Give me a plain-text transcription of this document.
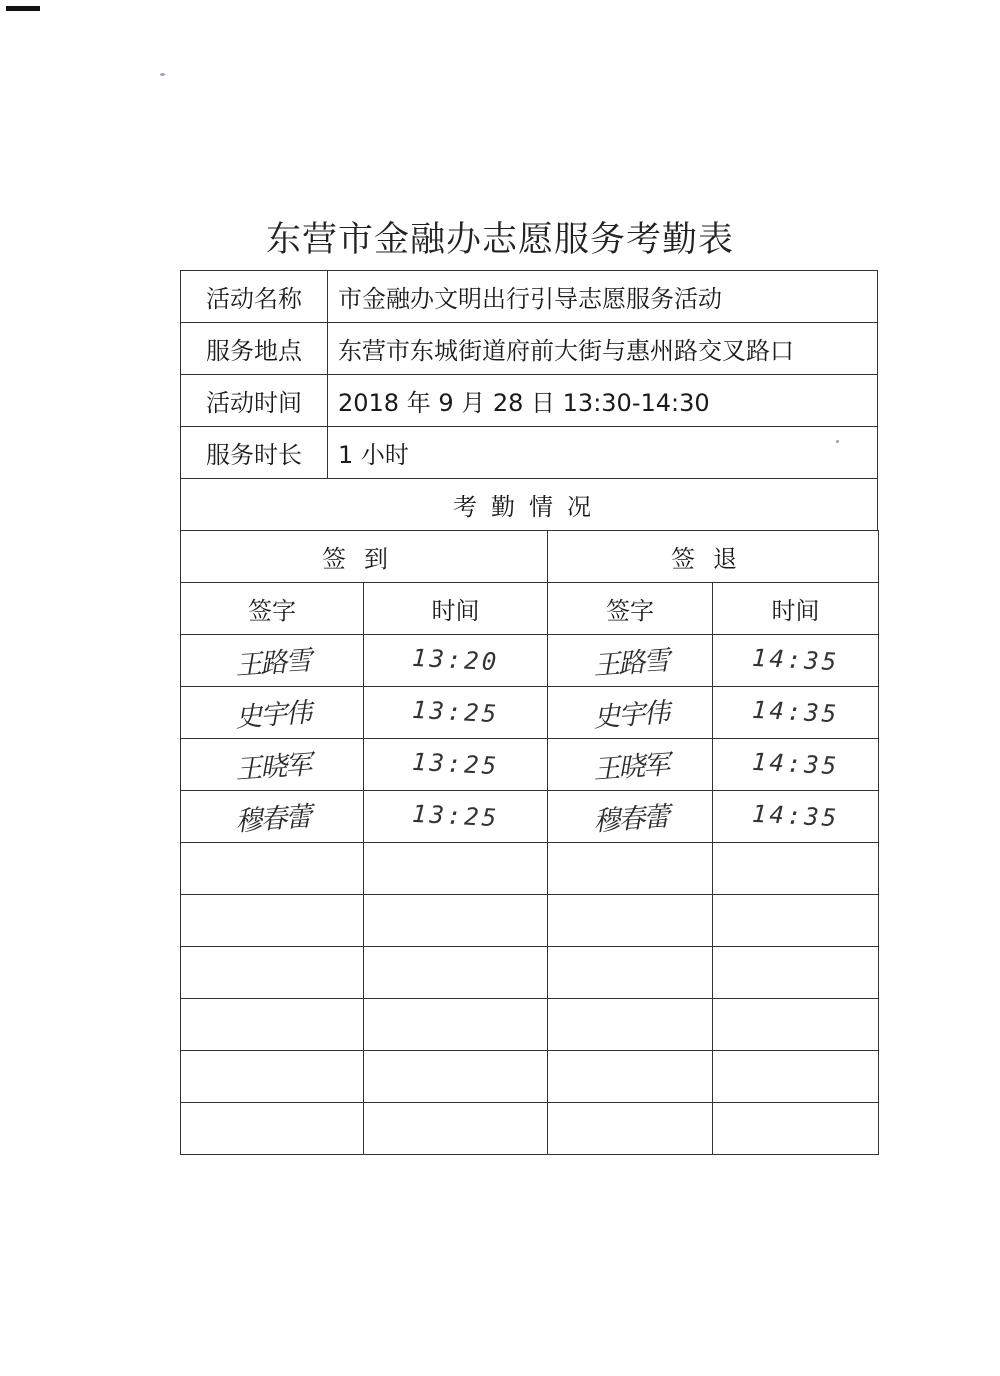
东营市金融办志愿服务考勤表
活动名称	市金融办文明出行引导志愿服务活动
服务地点	东营市东城街道府前大街与惠州路交叉路口
活动时间	2018 年 9 月 28 日 13:30-14:30
服务时长	1 小时
考勤情况	
签到		签退	
签字	时间	签字	时间
王路雪	13:20	王路雪	14:35
史宇伟	13:25	史宇伟	14:35
王晓军	13:25	王晓军	14:35
穆春蕾	13:25	穆春蕾	14:35
